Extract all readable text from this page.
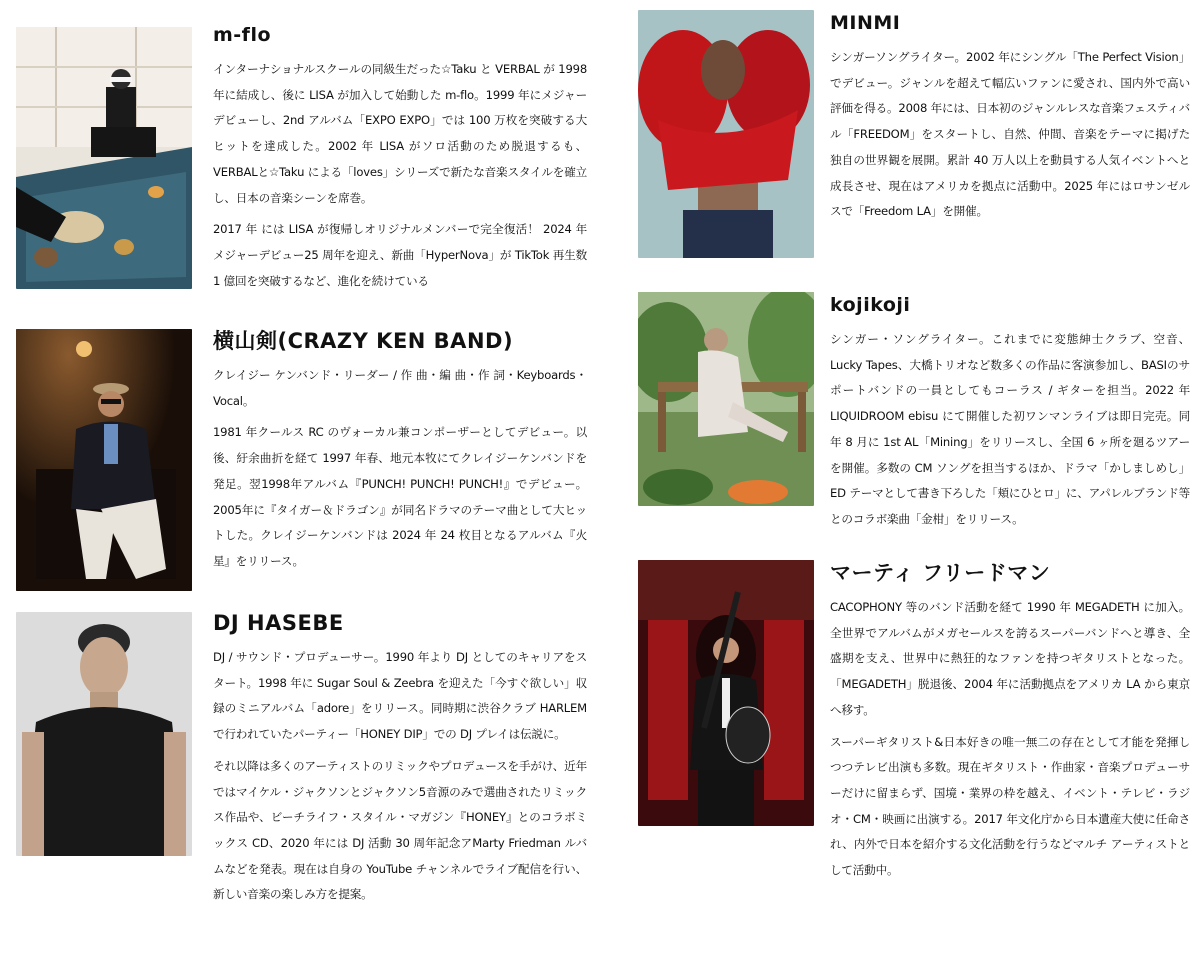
m-flo

インターナショナルスクールの同級生だった☆Taku と VERBAL が 1998 年に結成し、後に LISA が加入して始動した m-flo。1999 年にメジャーデビューし、2nd アルバム「EXPO EXPO」では 100 万枚を突破する大ヒットを達成した。2002 年 LISA がソロ活動のため脱退するも、VERBALと☆Taku による「loves」シリーズで新たな音楽スタイルを確立し、日本の音楽シーンを席巻。

2017 年 には LISA が復帰しオリジナルメンバーで完全復活！ 2024 年 メジャーデビュー25 周年を迎え、新曲「HyperNova」が TikTok 再生数 1 億回を突破するなど、進化を続けている

横山剣(CRAZY KEN BAND)

クレイジー ケンバンド・リーダー / 作 曲・編 曲・作 詞・Keyboards・Vocal。

1981 年クールス RC のヴォーカル兼コンポーザーとしてデビュー。以後、紆余曲折を経て 1997 年春、地元本牧にてクレイジーケンバンドを発足。翌1998年アルバム『PUNCH! PUNCH! PUNCH!』でデビュー。2005年に『タイガー＆ドラゴン』が同名ドラマのテーマ曲として大ヒットした。クレイジーケンバンドは 2024 年 24 枚目となるアルバム『火星』をリリース。

DJ HASEBE

DJ / サウンド・プロデューサー。1990 年より DJ としてのキャリアをスタート。1998 年に Sugar Soul & Zeebra を迎えた「今すぐ欲しい」収録のミニアルバム「adore」をリリース。同時期に渋谷クラブ HARLEM で行われていたパーティー「HONEY DIP」での DJ プレイは伝説に。

それ以降は多くのアーティストのリミックやプロデュースを手がけ、近年ではマイケル・ジャクソンとジャクソン5音源のみで選曲されたリミックス作品や、ビーチライフ・スタイル・マガジン『HONEY』とのコラボミックス CD、2020 年には DJ 活動 30 周年記念アMarty Friedman ルバムなどを発表。現在は自身の YouTube チャンネルでライブ配信を行い、新しい音楽の楽しみ方を提案。

MINMI

シンガーソングライター。2002 年にシングル「The Perfect Vision」でデビュー。ジャンルを超えて幅広いファンに愛され、国内外で高い評価を得る。2008 年には、日本初のジャンルレスな音楽フェスティバル「FREEDOM」をスタートし、自然、仲間、音楽をテーマに掲げた独自の世界観を展開。累計 40 万人以上を動員する人気イベントへと成長させ、現在はアメリカを拠点に活動中。2025 年にはロサンゼルスで「Freedom LA」を開催。

kojikoji

シンガー・ソングライター。これまでに変態紳士クラブ、空音、Lucky Tapes、大橋トリオなど数多くの作品に客演参加し、BASIのサポートバンドの一員としてもコーラス / ギターを担当。2022 年 LIQUIDROOM ebisu にて開催した初ワンマンライブは即日完売。同年 8 月に 1st AL「Mining」をリリースし、全国 6 ヶ所を廻るツアーを開催。多数の CM ソングを担当するほか、ドラマ「かしましめし」ED テーマとして書き下ろした「頬にひとロ」に、アパレルブランド等とのコラボ楽曲「金柑」をリリース。

マーティ フリードマン

CACOPHONY 等のバンド活動を経て 1990 年 MEGADETH に加入。全世界でアルバムがメガセールスを誇るスーパーバンドへと導き、全盛期を支え、世界中に熱狂的なファンを持つギタリストとなった。「MEGADETH」脱退後、2004 年に活動拠点をアメリカ LA から東京へ移す。

スーパーギタリスト&日本好きの唯一無二の存在として才能を発揮しつつテレビ出演も多数。現在ギタリスト・作曲家・音楽プロデューサーだけに留まらず、国境・業界の枠を越え、イベント・テレビ・ラジオ・CM・映画に出演する。2017 年文化庁から日本遺産大使に任命され、内外で日本を紹介する文化活動を行うなどマルチ アーティストとして活動中。
